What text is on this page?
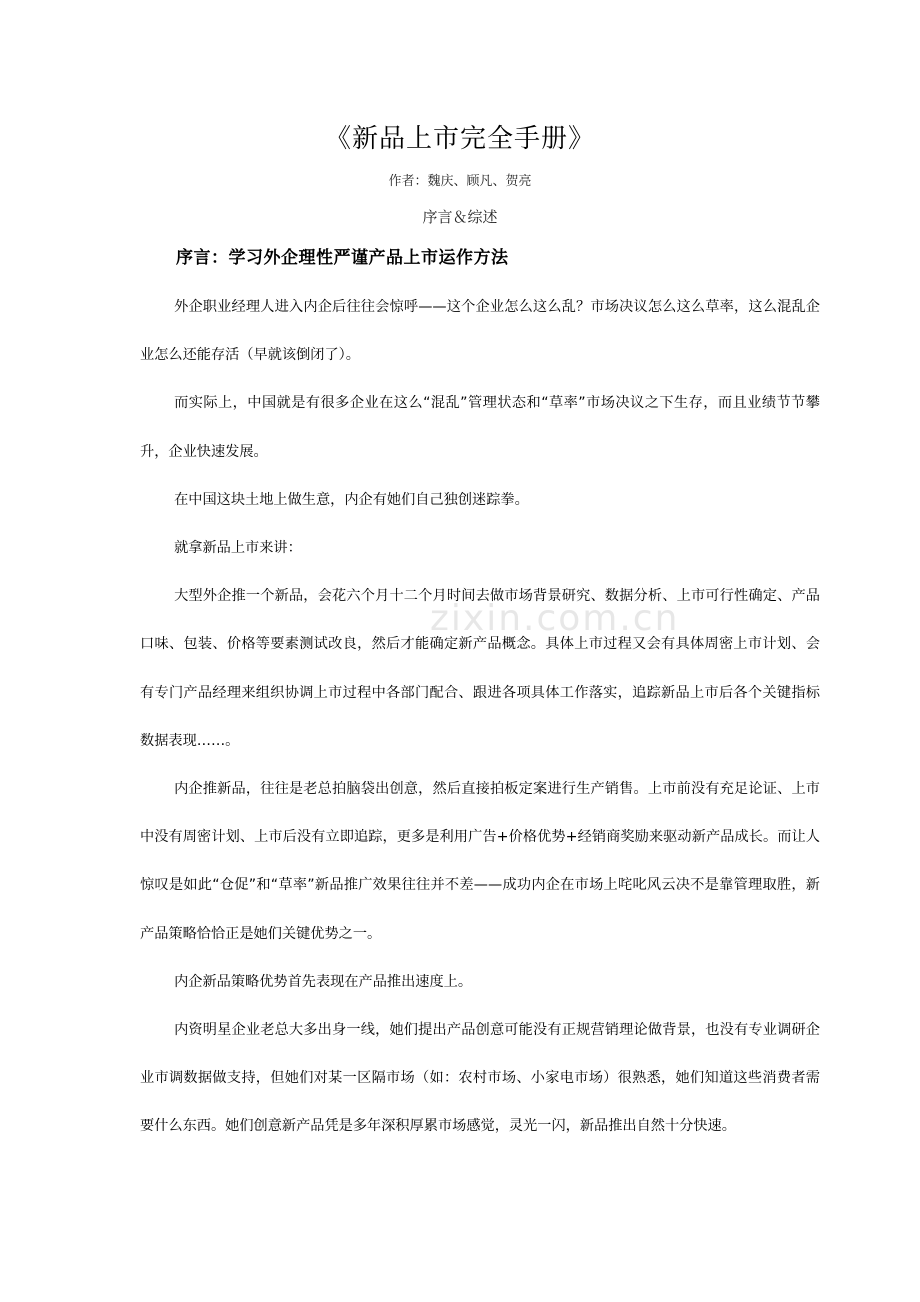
《新品上市完全手册》
作者：魏庆、顾凡、贺亮
序言＆综述
序言：学习外企理性严谨产品上市运作方法

外企职业经理人进入内企后往往会惊呼——这个企业怎么这么乱？市场决议怎么这么草率，这么混乱企业怎么还能存活（早就该倒闭了）。

而实际上，中国就是有很多企业在这么“混乱”管理状态和“草率”市场决议之下生存，而且业绩节节攀升，企业快速发展。

在中国这块土地上做生意，内企有她们自己独创迷踪拳。

就拿新品上市来讲：

大型外企推一个新品，会花六个月十二个月时间去做市场背景研究、数据分析、上市可行性确定、产品口味、包装、价格等要素测试改良，然后才能确定新产品概念。具体上市过程又会有具体周密上市计划、会有专门产品经理来组织协调上市过程中各部门配合、跟进各项具体工作落实，追踪新品上市后各个关键指标数据表现……。

内企推新品，往往是老总拍脑袋出创意，然后直接拍板定案进行生产销售。上市前没有充足论证、上市中没有周密计划、上市后没有立即追踪，更多是利用广告+价格优势+经销商奖励来驱动新产品成长。而让人惊叹是如此“仓促”和“草率”新品推广效果往往并不差——成功内企在市场上咤叱风云决不是靠管理取胜，新产品策略恰恰正是她们关键优势之一。

内企新品策略优势首先表现在产品推出速度上。

内资明星企业老总大多出身一线，她们提出产品创意可能没有正规营销理论做背景，也没有专业调研企业市调数据做支持，但她们对某一区隔市场（如：农村市场、小家电市场）很熟悉，她们知道这些消费者需要什么东西。她们创意新产品凭是多年深积厚累市场感觉，灵光一闪，新品推出自然十分快速。

zixin.com.cn
